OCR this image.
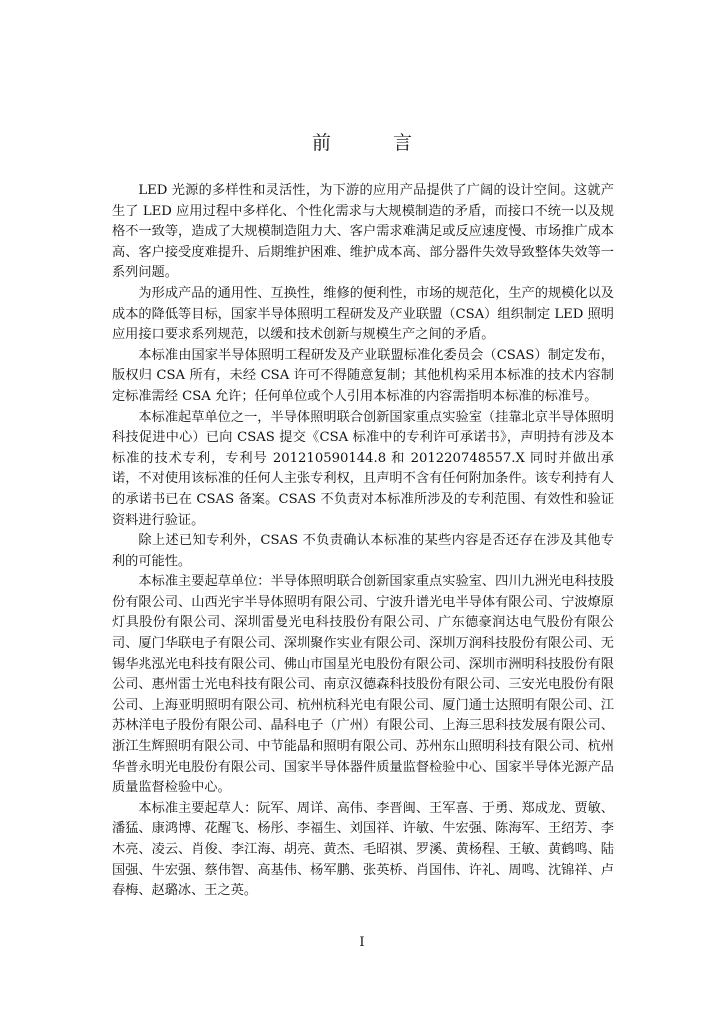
前 言

LED 光源的多样性和灵活性，为下游的应用产品提供了广阔的设计空间。这就产生了 LED 应用过程中多样化、个性化需求与大规模制造的矛盾，而接口不统一以及规格不一致等，造成了大规模制造阻力大、客户需求难满足或反应速度慢、市场推广成本高、客户接受度难提升、后期维护困难、维护成本高、部分器件失效导致整体失效等一系列问题。

为形成产品的通用性、互换性，维修的便利性，市场的规范化，生产的规模化以及成本的降低等目标，国家半导体照明工程研发及产业联盟（CSA）组织制定 LED 照明应用接口要求系列规范，以缓和技术创新与规模生产之间的矛盾。

本标准由国家半导体照明工程研发及产业联盟标准化委员会（CSAS）制定发布，版权归 CSA 所有，未经 CSA 许可不得随意复制；其他机构采用本标准的技术内容制定标准需经 CSA 允许；任何单位或个人引用本标准的内容需指明本标准的标准号。

本标准起草单位之一，半导体照明联合创新国家重点实验室（挂靠北京半导体照明科技促进中心）已向 CSAS 提交《CSA 标准中的专利许可承诺书》，声明持有涉及本标准的技术专利，专利号 201210590144.8 和 201220748557.X 同时并做出承诺，不对使用该标准的任何人主张专利权，且声明不含有任何附加条件。该专利持有人的承诺书已在 CSAS 备案。CSAS 不负责对本标准所涉及的专利范围、有效性和验证资料进行验证。

除上述已知专利外，CSAS 不负责确认本标准的某些内容是否还存在涉及其他专利的可能性。

本标准主要起草单位：半导体照明联合创新国家重点实验室、四川九洲光电科技股份有限公司、山西光宇半导体照明有限公司、宁波升谱光电半导体有限公司、宁波燎原灯具股份有限公司、深圳雷曼光电科技股份有限公司、广东德豪润达电气股份有限公司、厦门华联电子有限公司、深圳聚作实业有限公司、深圳万润科技股份有限公司、无锡华兆泓光电科技有限公司、佛山市国星光电股份有限公司、深圳市洲明科技股份有限公司、惠州雷士光电科技有限公司、南京汉德森科技股份有限公司、三安光电股份有限公司、上海亚明照明有限公司、杭州杭科光电有限公司、厦门通士达照明有限公司、江苏林洋电子股份有限公司、晶科电子（广州）有限公司、上海三思科技发展有限公司、浙江生辉照明有限公司、中节能晶和照明有限公司、苏州东山照明科技有限公司、杭州华普永明光电股份有限公司、国家半导体器件质量监督检验中心、国家半导体光源产品质量监督检验中心。

本标准主要起草人：阮军、周详、高伟、李晋闽、王军喜、于勇、郑成龙、贾敏、潘猛、康鸿博、花醒飞、杨彤、李福生、刘国祥、许敏、牛宏强、陈海军、王绍芳、李木亮、凌云、肖俊、李江海、胡亮、黄杰、毛昭祺、罗溪、黄杨程、王敏、黄鹤鸣、陆国强、牛宏强、蔡伟智、高基伟、杨军鹏、张英桥、肖国伟、许礼、周鸣、沈锦祥、卢春梅、赵璐冰、王之英。

I
